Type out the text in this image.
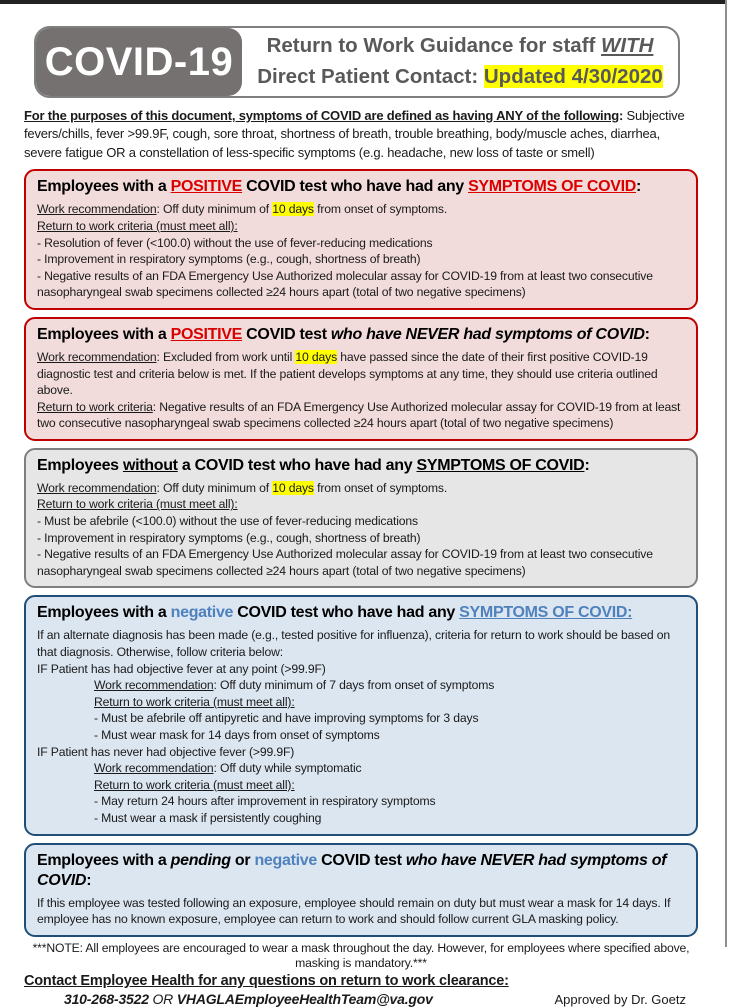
COVID-19	Return to Work Guidance for staff WITH
Direct Patient Contact: Updated 4/30/2020

For the purposes of this document, symptoms of COVID are defined as having ANY of the following: Subjective fevers/chills, fever >99.9F, cough, sore throat, shortness of breath, trouble breathing, body/muscle aches, diarrhea, severe fatigue OR a constellation of less-specific symptoms (e.g. headache, new loss of taste or smell)

Employees with a POSITIVE COVID test who have had any SYMPTOMS OF COVID:

Work recommendation: Off duty minimum of 10 days from onset of symptoms.

Return to work criteria (must meet all):

- Resolution of fever (<100.0) without the use of fever-reducing medications

- Improvement in respiratory symptoms (e.g., cough, shortness of breath)

- Negative results of an FDA Emergency Use Authorized molecular assay for COVID-19 from at least two consecutive nasopharyngeal swab specimens collected ≥24 hours apart (total of two negative specimens)

Employees with a POSITIVE COVID test who have NEVER had symptoms of COVID:

Work recommendation: Excluded from work until 10 days have passed since the date of their first positive COVID-19 diagnostic test and criteria below is met. If the patient develops symptoms at any time, they should use criteria outlined above.

Return to work criteria: Negative results of an FDA Emergency Use Authorized molecular assay for COVID-19 from at least two consecutive nasopharyngeal swab specimens collected ≥24 hours apart (total of two negative specimens)

Employees without a COVID test who have had any SYMPTOMS OF COVID:

Work recommendation: Off duty minimum of 10 days from onset of symptoms.

Return to work criteria (must meet all):

- Must be afebrile (<100.0) without the use of fever-reducing medications

- Improvement in respiratory symptoms (e.g., cough, shortness of breath)

- Negative results of an FDA Emergency Use Authorized molecular assay for COVID-19 from at least two consecutive nasopharyngeal swab specimens collected ≥24 hours apart (total of two negative specimens)

Employees with a negative COVID test who have had any SYMPTOMS OF COVID:

If an alternate diagnosis has been made (e.g., tested positive for influenza), criteria for return to work should be based on that diagnosis. Otherwise, follow criteria below:

IF Patient has had objective fever at any point (>99.9F)

Work recommendation: Off duty minimum of 7 days from onset of symptoms

Return to work criteria (must meet all):

- Must be afebrile off antipyretic and have improving symptoms for 3 days

- Must wear mask for 14 days from onset of symptoms

IF Patient has never had objective fever (>99.9F)

Work recommendation: Off duty while symptomatic

Return to work criteria (must meet all):

- May return 24 hours after improvement in respiratory symptoms

- Must wear a mask if persistently coughing

Employees with a pending or negative COVID test who have NEVER had symptoms of COVID:

If this employee was tested following an exposure, employee should remain on duty but must wear a mask for 14 days. If employee has no known exposure, employee can return to work and should follow current GLA masking policy.

***NOTE: All employees are encouraged to wear a mask throughout the day. However, for employees where specified above, masking is mandatory.***

Contact Employee Health for any questions on return to work clearance:

310-268-3522 OR VHAGLAEmployeeHealthTeam@va.gov	Approved by Dr. Goetz
